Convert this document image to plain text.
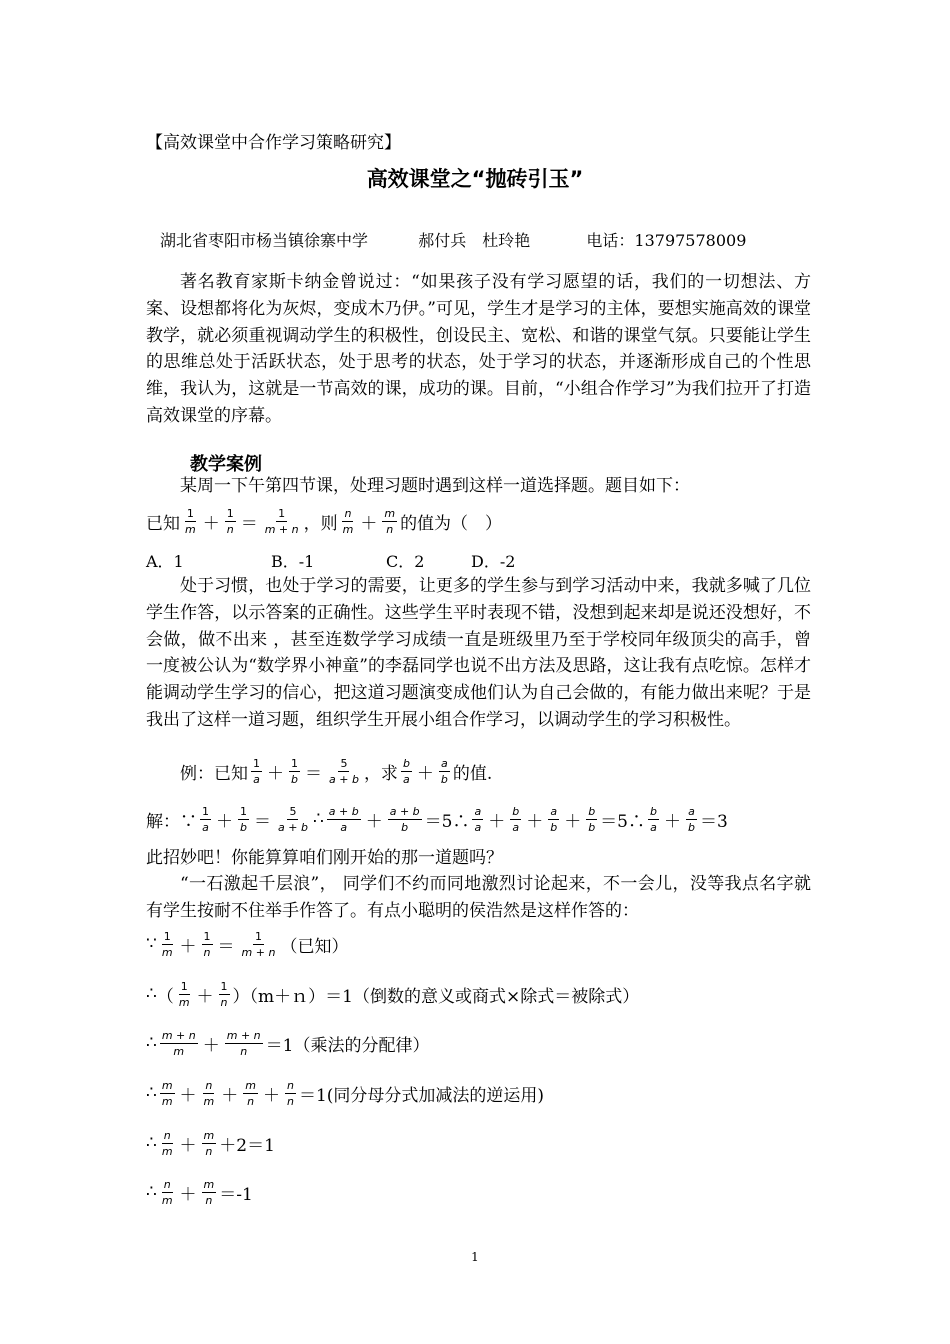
【高效课堂中合作学习策略研究】
高效课堂之“抛砖引玉”
湖北省枣阳市杨当镇徐寨中学	郝付兵　杜玲艳	电话：13797578009
著名教育家斯卡纳金曾说过：“如果孩子没有学习愿望的话，我们的一切想法、方案、设想都将化为灰烬，变成木乃伊。”可见，学生才是学习的主体，要想实施高效的课堂教学，就必须重视调动学生的积极性，创设民主、宽松、和谐的课堂气氛。只要能让学生的思维总处于活跃状态，处于思考的状态，处于学习的状态，并逐渐形成自己的个性思维，我认为，这就是一节高效的课，成功的课。目前，“小组合作学习”为我们拉开了打造高效课堂的序幕。
教学案例
某周一下午第四节课，处理习题时遇到这样一道选择题。题目如下：
已知 $\frac{1}{m} + \frac{1}{n} = \frac{1}{m + n}$ ，则 $\frac{n}{m} + \frac{m}{n}$ 的值为（　）
A．1	B．-1	C．2	D．-2
处于习惯，也处于学习的需要，让更多的学生参与到学习活动中来，我就多喊了几位学生作答，以示答案的正确性。这些学生平时表现不错，没想到起来却是说还没想好，不会做，做不出来 ，甚至连数学学习成绩一直是班级里乃至于学校同年级顶尖的高手，曾一度被公认为“数学界小神童”的李磊同学也说不出方法及思路，这让我有点吃惊。怎样才能调动学生学习的信心，把这道习题演变成他们认为自己会做的，有能力做出来呢？于是我出了这样一道习题，组织学生开展小组合作学习，以调动学生的学习积极性。
例：已知 $\frac{1}{a} + \frac{1}{b} = \frac{5}{a + b}$ ，求 $\frac{b}{a} + \frac{a}{b}$ 的值.
解：∵ $\frac{1}{a} + \frac{1}{b} = \frac{5}{a + b}$ ∴ $\frac{a + b}{a} + \frac{a + b}{b}$ ＝5∴ $\frac{a}{a} + \frac{b}{a} + \frac{a}{b} + \frac{b}{b}$ ＝5∴ $\frac{b}{a} + \frac{a}{b} =3$
此招妙吧！你能算算咱们刚开始的那一道题吗？
“一石激起千层浪”， 同学们不约而同地激烈讨论起来，不一会儿，没等我点名字就有学生按耐不住举手作答了。有点小聪明的侯浩然是这样作答的：
∵ $\frac{1}{m} + \frac{1}{n} = \frac{1}{m + n}$ （已知）
∴ （ $\frac{1}{m} + \frac{1}{n}$ ）（m＋ｎ）＝1（倒数的意义或商式×除式＝被除式）
∴ $\frac{m + n}{m} + \frac{m + n}{n} =1$（乘法的分配律）
∴ $\frac{m}{m} + \frac{n}{m} + \frac{m}{n} + \frac{n}{n} =1$(同分母分式加减法的逆运用)
∴ $\frac{n}{m} + \frac{m}{n} +2=1$
∴ $\frac{n}{m} + \frac{m}{n} =-1$
1
